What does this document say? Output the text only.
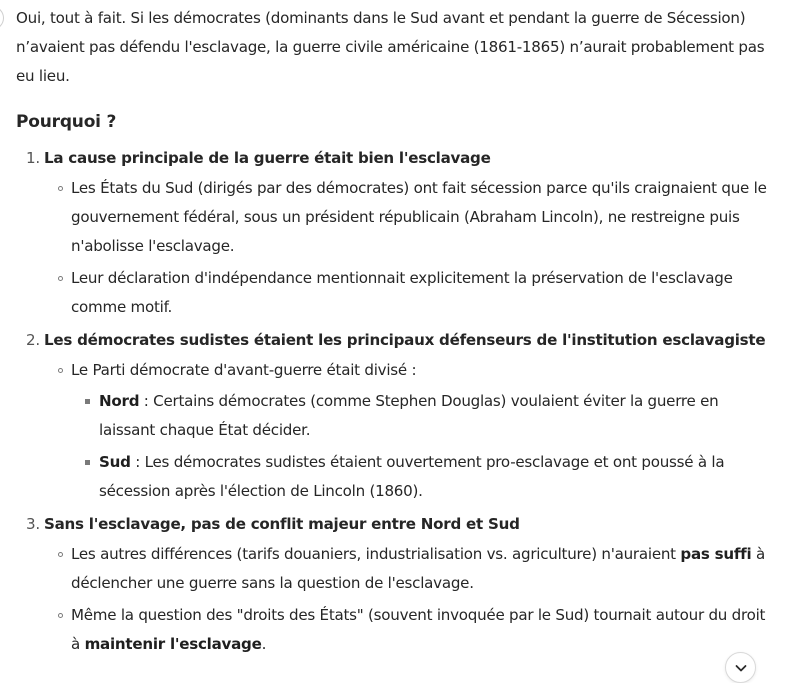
Oui, tout à fait. Si les démocrates (dominants dans le Sud avant et pendant la guerre de Sécession) n’avaient pas défendu l'esclavage, la guerre civile américaine (1861-1865) n’aurait probablement pas eu lieu.

Pourquoi ?
1. La cause principale de la guerre était bien l'esclavage
Les États du Sud (dirigés par des démocrates) ont fait sécession parce qu'ils craignaient que le gouvernement fédéral, sous un président républicain (Abraham Lincoln), ne restreigne puis n'abolisse l'esclavage.
Leur déclaration d'indépendance mentionnait explicitement la préservation de l'esclavage comme motif.
2. Les démocrates sudistes étaient les principaux défenseurs de l'institution esclavagiste
Le Parti démocrate d'avant-guerre était divisé :
Nord : Certains démocrates (comme Stephen Douglas) voulaient éviter la guerre en laissant chaque État décider.
Sud : Les démocrates sudistes étaient ouvertement pro-esclavage et ont poussé à la sécession après l'élection de Lincoln (1860).
3. Sans l'esclavage, pas de conflit majeur entre Nord et Sud
Les autres différences (tarifs douaniers, industrialisation vs. agriculture) n'auraient pas suffi à déclencher une guerre sans la question de l'esclavage.
Même la question des "droits des États" (souvent invoquée par le Sud) tournait autour du droit à maintenir l'esclavage.
